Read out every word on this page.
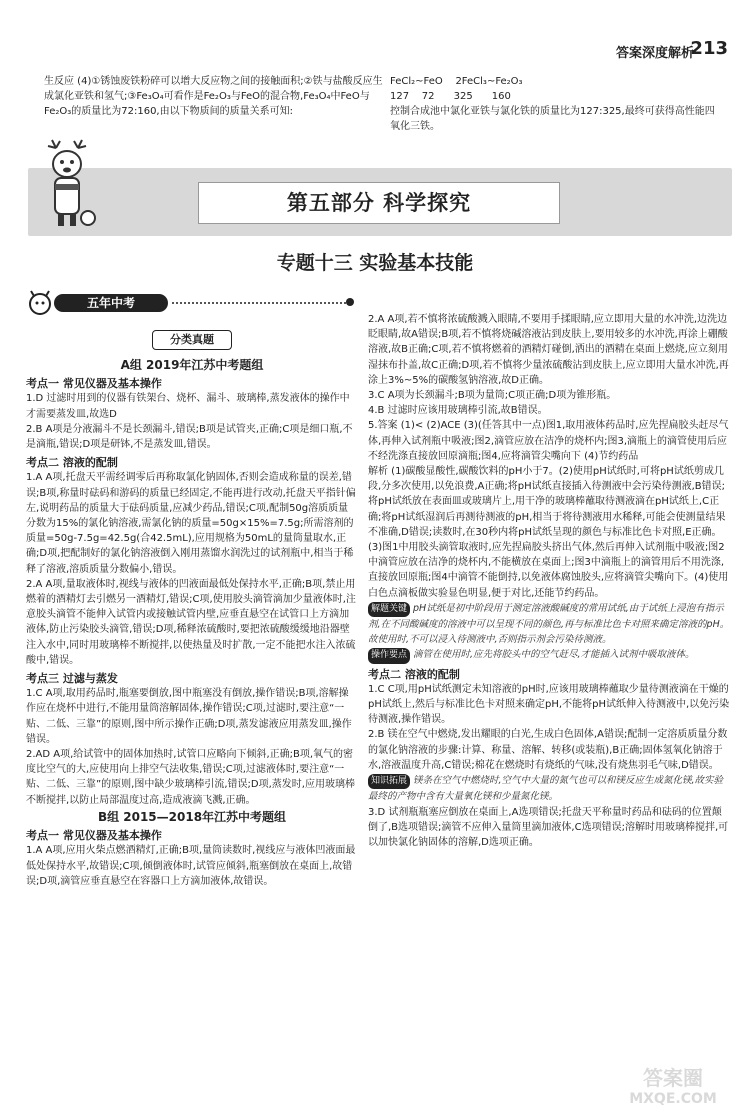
答案深度解析
213
生反应 (4)①锈蚀废铁粉碎可以增大反应物之间的接触面积;②铁与盐酸反应生成氯化亚铁和氢气;③Fe₃O₄可看作是Fe₂O₃与FeO的混合物,Fe₃O₄中FeO与Fe₂O₃的质量比为72:160,由以下物质间的质量关系可知:

FeCl₂~FeO    2FeCl₃~Fe₂O₃

127    72      325      160

控制合成池中氯化亚铁与氯化铁的质量比为127:325,最终可获得高性能四氧化三铁。

第五部分 科学探究
专题十三 实验基本技能
五年中考
分类真题

A组 2019年江苏中考题组

考点一 常见仪器及基本操作

1.D 过滤时用到的仪器有铁架台、烧杯、漏斗、玻璃棒,蒸发液体的操作中才需要蒸发皿,故选D

2.B A项是分液漏斗不是长颈漏斗,错误;B项是试管夹,正确;C项是细口瓶,不是滴瓶,错误;D项是研钵,不是蒸发皿,错误。

考点二 溶液的配制

1.A A项,托盘天平需经调零后再称取氯化钠固体,否则会造成称量的误差,错误;B项,称量时砝码和游码的质量已经固定,不能再进行改动,托盘天平指针偏左,说明药品的质量大于砝码质量,应减少药品,错误;C项,配制50g溶质质量分数为15%的氯化钠溶液,需氯化钠的质量=50g×15%=7.5g;所需溶剂的质量=50g-7.5g=42.5g(合42.5mL),应用规格为50mL的量筒量取水,正确;D项,把配制好的氯化钠溶液倒入刚用蒸馏水润洗过的试剂瓶中,相当于稀释了溶液,溶质质量分数偏小,错误。

2.A A项,量取液体时,视线与液体的凹液面最低处保持水平,正确;B项,禁止用燃着的酒精灯去引燃另一酒精灯,错误;C项,使用胶头滴管滴加少量液体时,注意胶头滴管不能伸入试管内或接触试管内壁,应垂直悬空在试管口上方滴加液体,防止污染胶头滴管,错误;D项,稀释浓硫酸时,要把浓硫酸缓缓地沿器壁注入水中,同时用玻璃棒不断搅拌,以使热量及时扩散,一定不能把水注入浓硫酸中,错误。

考点三 过滤与蒸发

1.C A项,取用药品时,瓶塞要倒放,图中瓶塞没有倒放,操作错误;B项,溶解操作应在烧杯中进行,不能用量筒溶解固体,操作错误;C项,过滤时,要注意“一贴、二低、三靠”的原则,图中所示操作正确;D项,蒸发滤液应用蒸发皿,操作错误。

2.AD A项,给试管中的固体加热时,试管口应略向下倾斜,正确;B项,氧气的密度比空气的大,应使用向上排空气法收集,错误;C项,过滤液体时,要注意“一贴、二低、三靠”的原则,图中缺少玻璃棒引流,错误;D项,蒸发时,应用玻璃棒不断搅拌,以防止局部温度过高,造成液滴飞溅,正确。

B组 2015—2018年江苏中考题组

考点一 常见仪器及基本操作

1.A A项,应用火柴点燃酒精灯,正确;B项,量筒读数时,视线应与液体凹液面最低处保持水平,故错误;C项,倾倒液体时,试管应倾斜,瓶塞倒放在桌面上,故错误;D项,滴管应垂直悬空在容器口上方滴加液体,故错误。

2.A A项,若不慎将浓硫酸溅入眼睛,不要用手揉眼睛,应立即用大量的水冲洗,边洗边眨眼睛,故A错误;B项,若不慎将烧碱溶液沾到皮肤上,要用较多的水冲洗,再涂上硼酸溶液,故B正确;C项,若不慎将燃着的酒精灯碰倒,洒出的酒精在桌面上燃烧,应立刻用湿抹布扑盖,故C正确;D项,若不慎将少量浓硫酸沾到皮肤上,应立即用大量水冲洗,再涂上3%~5%的碳酸氢钠溶液,故D正确。

3.C A项为长颈漏斗;B项为量筒;C项正确;D项为锥形瓶。

4.B 过滤时应该用玻璃棒引流,故B错误。

5.答案 (1)< (2)ACE (3)(任答其中一点)图1,取用液体药品时,应先捏扁胶头赶尽气体,再伸入试剂瓶中吸液;图2,滴管应放在洁净的烧杯内;图3,滴瓶上的滴管使用后应不经洗涤直接放回原滴瓶;图4,应将滴管尖嘴向下 (4)节约药品

解析 (1)碳酸显酸性,碳酸饮料的pH小于7。(2)使用pH试纸时,可将pH试纸剪成几段,分多次使用,以免浪费,A正确;将pH试纸直接插入待测液中会污染待测液,B错误;将pH试纸放在表面皿或玻璃片上,用干净的玻璃棒蘸取待测液滴在pH试纸上,C正确;将pH试纸湿润后再测待测液的pH,相当于将待测液用水稀释,可能会使测量结果不准确,D错误;读数时,在30秒内将pH试纸呈现的颜色与标准比色卡对照,E正确。(3)图1中用胶头滴管取液时,应先捏扁胶头挤出气体,然后再伸入试剂瓶中吸液;图2中滴管应放在洁净的烧杯内,不能横放在桌面上;图3中滴瓶上的滴管用后不用洗涤,直接放回原瓶;图4中滴管不能倒持,以免液体腐蚀胶头,应将滴管尖嘴向下。(4)使用白色点滴板做实验显色明显,便于对比,还能节约药品。

解题关键 pH试纸是初中阶段用于测定溶液酸碱度的常用试纸,由于试纸上浸泡有指示剂,在不同酸碱度的溶液中可以呈现不同的颜色,再与标准比色卡对照来确定溶液的pH。故使用时,不可以浸入待测液中,否则指示剂会污染待测液。

操作要点 滴管在使用时,应先将胶头中的空气赶尽,才能插入试剂中吸取液体。

考点二 溶液的配制

1.C C项,用pH试纸测定未知溶液的pH时,应该用玻璃棒蘸取少量待测液滴在干燥的pH试纸上,然后与标准比色卡对照来确定pH,不能将pH试纸伸入待测液中,以免污染待测液,操作错误。

2.B 镁在空气中燃烧,发出耀眼的白光,生成白色固体,A错误;配制一定溶质质量分数的氯化钠溶液的步骤:计算、称量、溶解、转移(或装瓶),B正确;固体氢氧化钠溶于水,溶液温度升高,C错误;棉花在燃烧时有烧纸的气味,没有烧焦羽毛气味,D错误。

知识拓展 镁条在空气中燃烧时,空气中大量的氮气也可以和镁反应生成氮化镁,故实验最终的产物中含有大量氧化镁和少量氮化镁。

3.D 试剂瓶瓶塞应倒放在桌面上,A选项错误;托盘天平称量时药品和砝码的位置颠倒了,B选项错误;滴管不应伸入量筒里滴加液体,C选项错误;溶解时用玻璃棒搅拌,可以加快氯化钠固体的溶解,D选项正确。

答案圈
MXQE.COM
